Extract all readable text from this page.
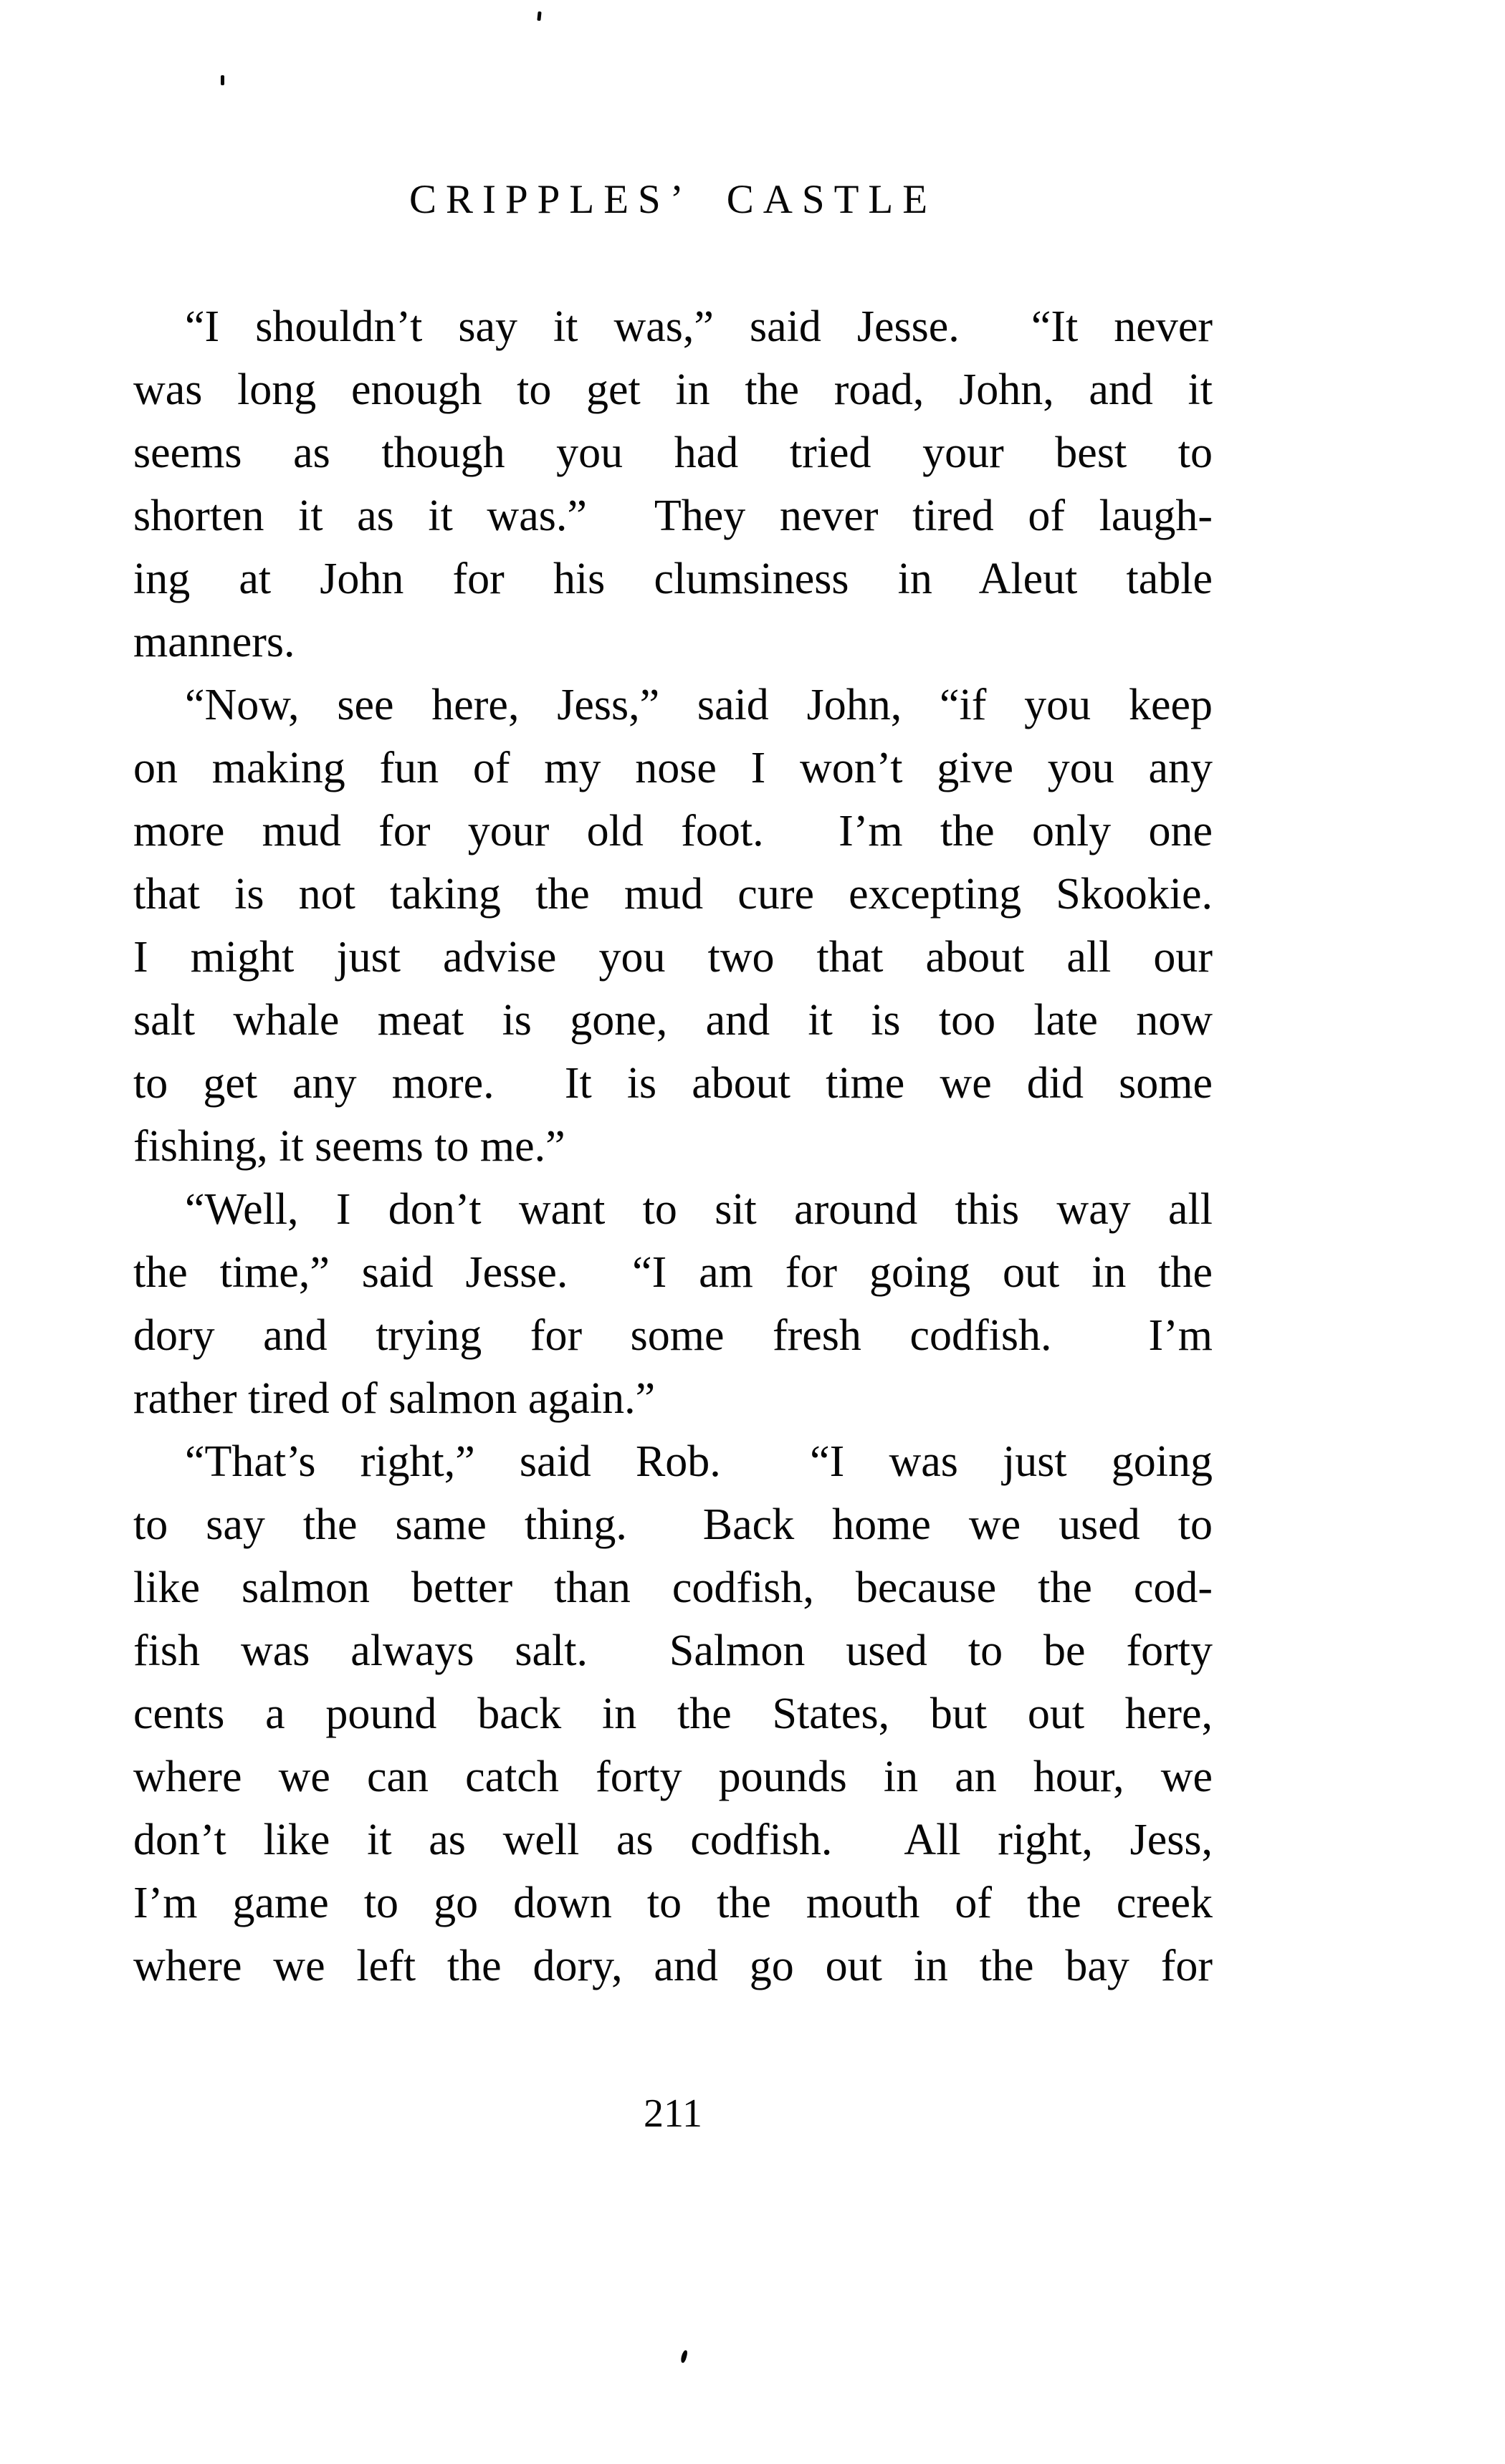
CRIPPLES’ CASTLE
“I shouldn’t say it was,” said Jesse.  “It never
was long enough to get in the road, John, and it
seems as though you had tried your best to
shorten it as it was.”  They never tired of laugh-
ing at John for his clumsiness in Aleut table
manners.
“Now, see here, Jess,” said John, “if you keep
on making fun of my nose I won’t give you any
more mud for your old foot.  I’m the only one
that is not taking the mud cure excepting Skookie.
I might just advise you two that about all our
salt whale meat is gone, and it is too late now
to get any more.  It is about time we did some
fishing, it seems to me.”
“Well, I don’t want to sit around this way all
the time,” said Jesse.  “I am for going out in the
dory and trying for some fresh codfish.  I’m
rather tired of salmon again.”
“That’s right,” said Rob.  “I was just going
to say the same thing.  Back home we used to
like salmon better than codfish, because the cod-
fish was always salt.  Salmon used to be forty
cents a pound back in the States, but out here,
where we can catch forty pounds in an hour, we
don’t like it as well as codfish.  All right, Jess,
I’m game to go down to the mouth of the creek
where we left the dory, and go out in the bay for
211
